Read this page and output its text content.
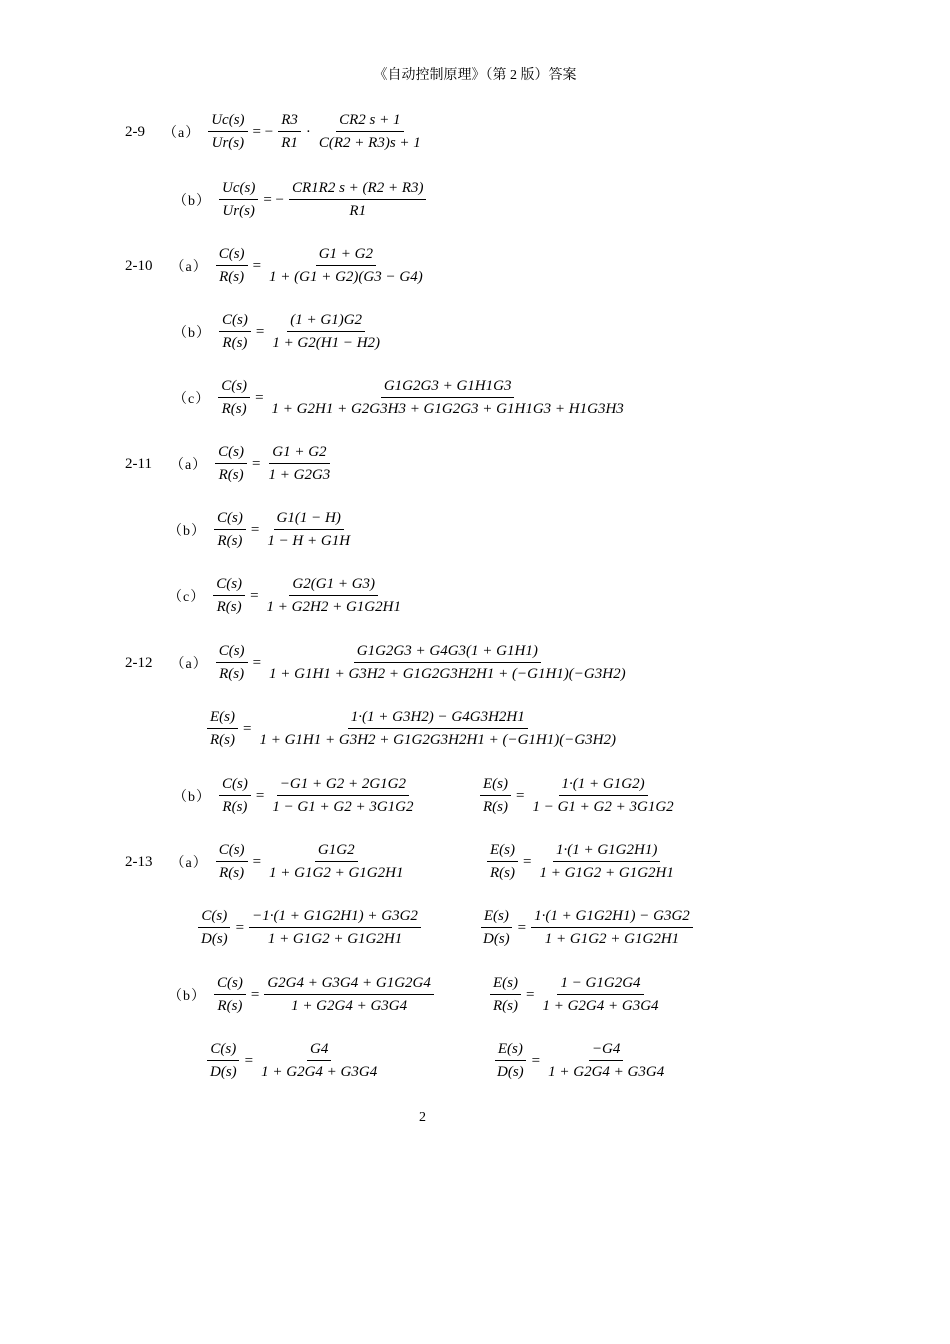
《自动控制原理》（第 2 版）答案
2-9 $(a) \frac{Uc(s)}{Ur(s)}$ = − $\frac{R3}{R1} \cdot \frac{CR2 s + 1}{C(R2 + R3)s + 1}$
$(b) \frac{Uc(s)}{Ur(s)}$ = − $\frac{CR1R2 s + (R2 + R3)}{R1}$
2-10 $(a) \frac{C(s)}{R(s)} = \frac{G1 + G2}{1 + (G1 + G2)(G3 - G4)}$
$(b) \frac{C(s)}{R(s)} = \frac{(1 + G1)G2}{1 + G2(H1 - H2)}$
$(c) \frac{C(s)}{R(s)} = \frac{G1G2G3 + G1H1G3}{1 + G2H1 + G2G3H3 + G1G2G3 + G1H1G3 + H1G3H3}$
2-11 $(a) \frac{C(s)}{R(s)} = \frac{G1 + G2}{1 + G2G3}$
$(b) \frac{C(s)}{R(s)} = \frac{G1(1 - H)}{1 - H + G1H}$
$(c) \frac{C(s)}{R(s)} = \frac{G2(G1 + G3)}{1 + G2H2 + G1G2H1}$
2-12 $(a) \frac{C(s)}{R(s)} = \frac{G1G2G3 + G4G3(1 + G1H1)}{1 + G1H1 + G3H2 + G1G2G3H2H1 + (-G1H1)(-G3H2)}$
$\frac{E(s)}{R(s)} = \frac{1\cdot(1 + G3H2) - G4G3H2H1}{1 + G1H1 + G3H2 + G1G2G3H2H1 + (-G1H1)(-G3H2)}$
$(b) \frac{C(s)}{R(s)} = \frac{-G1 + G2 + 2G1G2}{1 - G1 + G2 + 3G1G2}$	$\frac{E(s)}{R(s)} = \frac{1\cdot(1 + G1G2)}{1 - G1 + G2 + 3G1G2}$
2-13 $(a) \frac{C(s)}{R(s)} = \frac{G1G2}{1 + G1G2 + G1G2H1}$	$\frac{E(s)}{R(s)} = \frac{1\cdot(1 + G1G2H1)}{1 + G1G2 + G1G2H1}$
$\frac{C(s)}{D(s)} = \frac{-1\cdot(1 + G1G2H1) + G3G2}{1 + G1G2 + G1G2H1}$	$\frac{E(s)}{D(s)} = \frac{1\cdot(1 + G1G2H1) - G3G2}{1 + G1G2 + G1G2H1}$
$(b) \frac{C(s)}{R(s)} = \frac{G2G4 + G3G4 + G1G2G4}{1 + G2G4 + G3G4}$	$\frac{E(s)}{R(s)} = \frac{1 - G1G2G4}{1 + G2G4 + G3G4}$
$\frac{C(s)}{D(s)} = \frac{G4}{1 + G2G4 + G3G4}$	$\frac{E(s)}{D(s)} = \frac{-G4}{1 + G2G4 + G3G4}$
2
